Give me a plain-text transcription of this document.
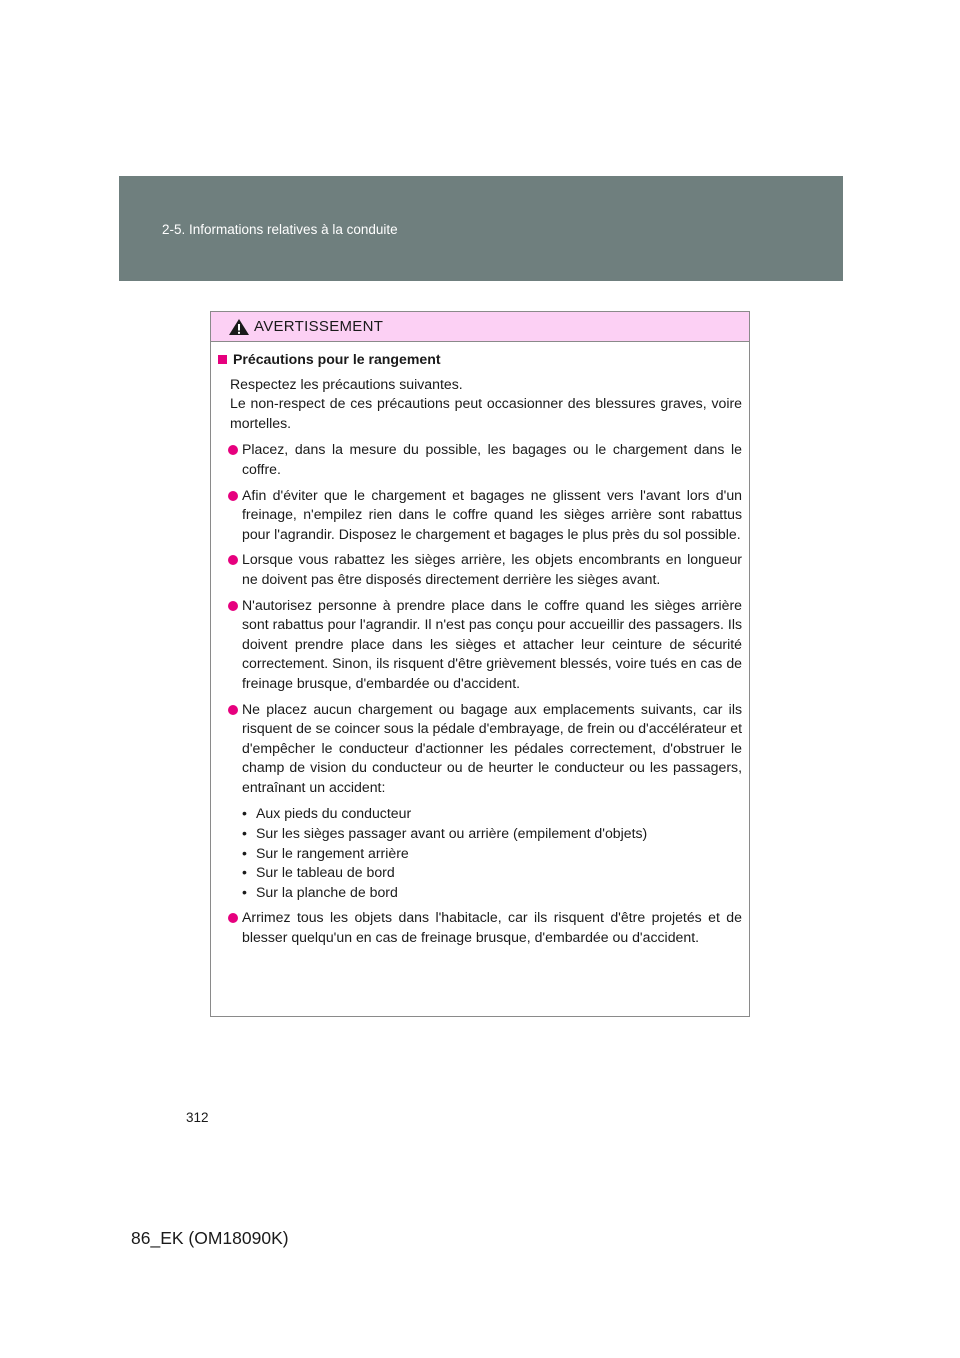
2-5. Informations relatives à la conduite
AVERTISSEMENT
Précautions pour le rangement

Respectez les précautions suivantes.

Le non-respect de ces précautions peut occasionner des blessures graves, voire mortelles.

Placez, dans la mesure du possible, les bagages ou le chargement dans le coffre.
Afin d'éviter que le chargement et bagages ne glissent vers l'avant lors d'un freinage, n'empilez rien dans le coffre quand les sièges arrière sont rabattus pour l'agrandir. Disposez le chargement et bagages le plus près du sol possible.
Lorsque vous rabattez les sièges arrière, les objets encombrants en longueur ne doivent pas être disposés directement derrière les sièges avant.
N'autorisez personne à prendre place dans le coffre quand les sièges arrière sont rabattus pour l'agrandir. Il n'est pas conçu pour accueillir des passagers. Ils doivent prendre place dans les sièges et attacher leur ceinture de sécurité correctement. Sinon, ils risquent d'être grièvement blessés, voire tués en cas de freinage brusque, d'embardée ou d'accident.
Ne placez aucun chargement ou bagage aux emplacements suivants, car ils risquent de se coincer sous la pédale d'embrayage, de frein ou d'accélérateur et d'empêcher le conducteur d'actionner les pédales correctement, d'obstruer le champ de vision du conducteur ou de heurter le conducteur ou les passagers, entraînant un accident:
• Aux pieds du conducteur
• Sur les sièges passager avant ou arrière (empilement d'objets)
• Sur le rangement arrière
• Sur le tableau de bord
• Sur la planche de bord
Arrimez tous les objets dans l'habitacle, car ils risquent d'être projetés et de blesser quelqu'un en cas de freinage brusque, d'embardée ou d'accident.
312
86_EK (OM18090K)
